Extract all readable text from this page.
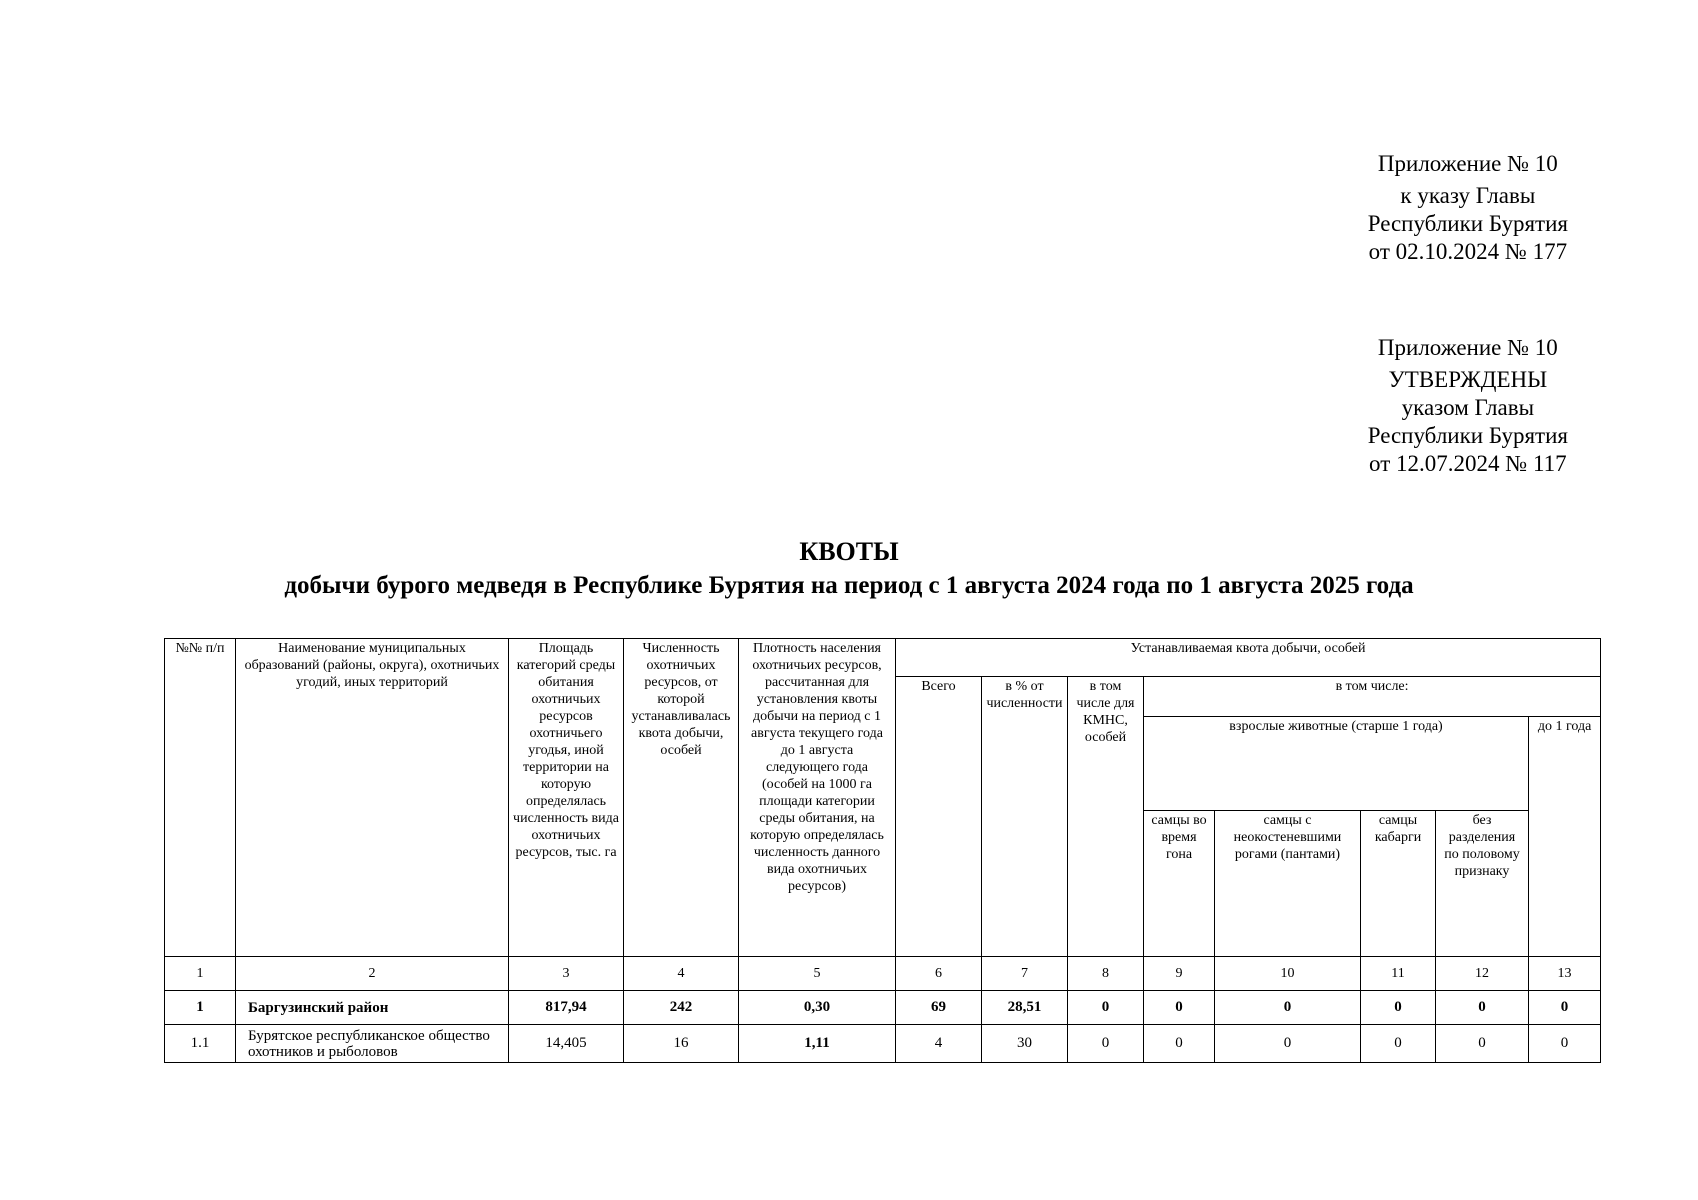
Приложение № 10
к указу Главы
Республики Бурятия
от 02.10.2024 № 177
Приложение № 10
УТВЕРЖДЕНЫ
указом Главы
Республики Бурятия
от 12.07.2024 № 117
КВОТЫ
добычи бурого медведя в Республике Бурятия на период с 1 августа 2024 года по 1 августа 2025 года
№№ п/п	Наименование муниципальных образований (районы, округа), охотничьих угодий, иных территорий	Площадь категорий среды обитания охотничьих ресурсов охотничьего угодья, иной территории на которую определялась численность вида охотничьих ресурсов, тыс. га	Численность охотничьих ресурсов, от которой устанавливалась квота добычи, особей	Плотность населения охотничьих ресурсов, рассчитанная для установления квоты добычи на период с 1 августа текущего года до 1 августа следующего года (особей на 1000 га площади категории среды обитания, на которую определялась численность данного вида охотничьих ресурсов)	Устанавливаемая квота добычи, особей							
					Всего	в % от численности	в том числе для КМНС, особей	в том числе:				
								взрослые животные (старше 1 года)				до 1 года
								самцы во время гона	самцы с неокостеневшими рогами (пантами)	самцы кабарги	без разделения по половому признаку	
1	2	3	4	5	6	7	8	9	10	11	12	13
1	Баргузинский район	817,94	242	0,30	69	28,51	0	0	0	0	0	0
1.1	Бурятское республиканское общество охотников и рыболовов	14,405	16	1,11	4	30	0	0	0	0	0	0
